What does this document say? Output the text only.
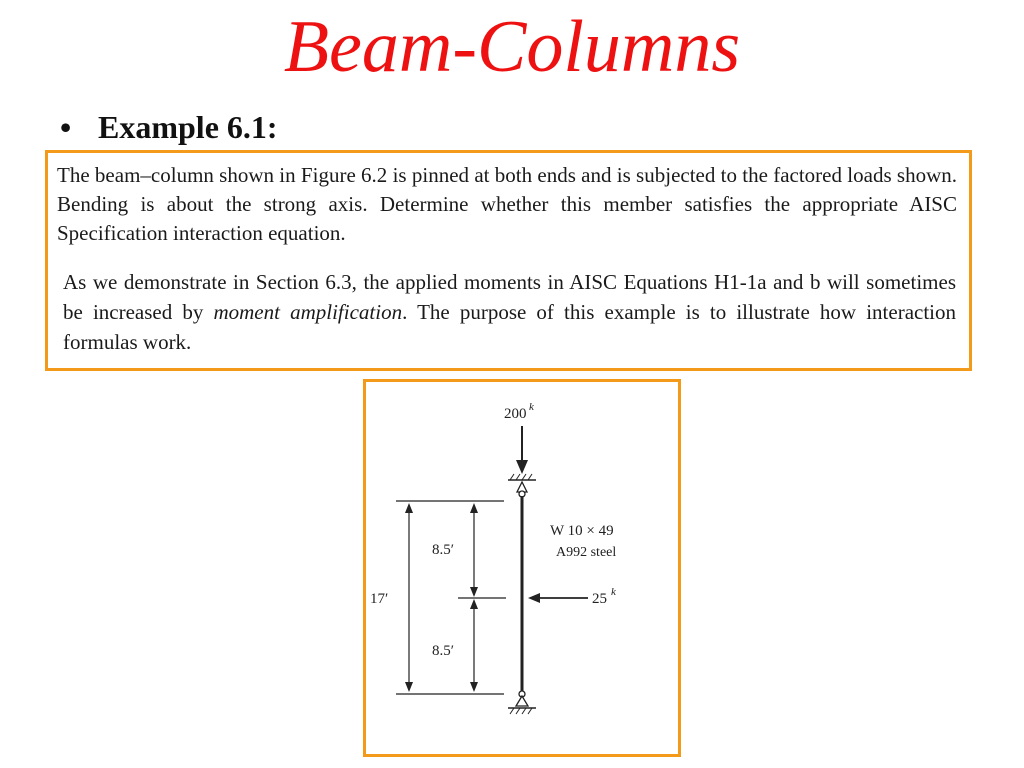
Beam-Columns
• Example 6.1:
The beam–column shown in Figure 6.2 is pinned at both ends and is subjected to the factored loads shown. Bending is about the strong axis. Determine whether this member satisfies the appropriate AISC Specification interaction equation.
As we demonstrate in Section 6.3, the applied moments in AISC Equations H1-1a and b will sometimes be increased by moment amplification. The purpose of this example is to illustrate how interaction formulas work.
200 k
17′
8.5′
8.5′
25 k
W 10 × 49
A992 steel
